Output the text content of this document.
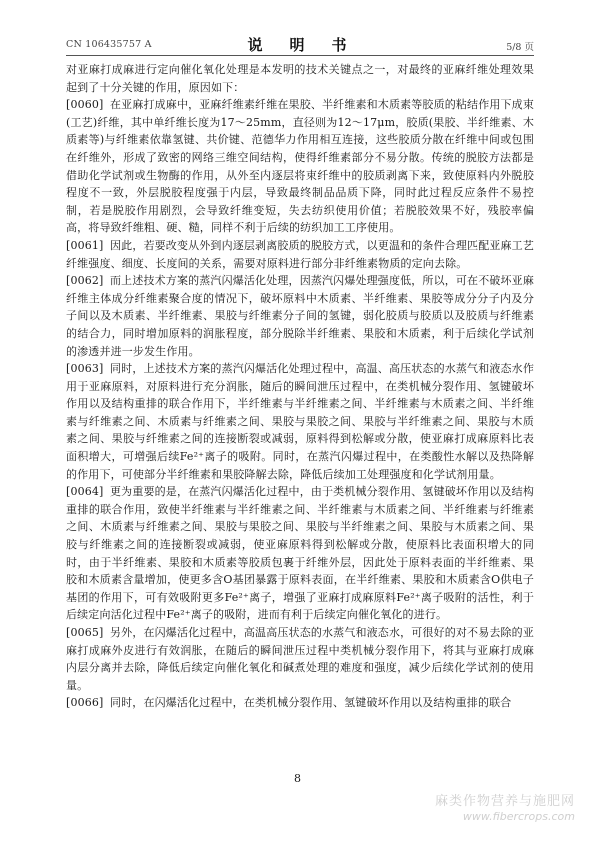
CN 106435757 A	说　明　书	5/8 页

对亚麻打成麻进行定向催化氧化处理是本发明的技术关键点之一，对最终的亚麻纤维处理效果起到了十分关键的作用，原因如下：

[0060] 在亚麻打成麻中，亚麻纤维素纤维在果胶、半纤维素和木质素等胶质的粘结作用下成束(工艺)纤维，其中单纤维长度为17～25mm，直径则为12～17μm，胶质(果胶、半纤维素、木质素等)与纤维素依靠氢键、共价键、范德华力作用相互连接，这些胶质分散在纤维中间或包围在纤维外，形成了致密的网络三维空间结构，使得纤维素部分不易分散。传统的脱胶方法都是借助化学试剂或生物酶的作用，从外至内逐层将束纤维中的胶质剥离下来，致使原料内外脱胶程度不一致，外层脱胶程度强于内层，导致最终制品品质下降，同时此过程反应条件不易控制，若是脱胶作用剧烈，会导致纤维变短，失去纺织使用价值；若脱胶效果不好，残胶率偏高，将导致纤维粗、硬、糙，同样不利于后续的纺织加工工序使用。

[0061] 因此，若要改变从外到内逐层剥离胶质的脱胶方式，以更温和的条件合理匹配亚麻工艺纤维强度、细度、长度间的关系，需要对原料进行部分非纤维素物质的定向去除。

[0062] 而上述技术方案的蒸汽闪爆活化处理，因蒸汽闪爆处理强度低，所以，可在不破坏亚麻纤维主体成分纤维素聚合度的情况下，破坏原料中木质素、半纤维素、果胶等成分分子内及分子间以及木质素、半纤维素、果胶与纤维素分子间的氢键，弱化胶质与胶质以及胶质与纤维素的结合力，同时增加原料的润胀程度，部分脱除半纤维素、果胶和木质素，利于后续化学试剂的渗透并进一步发生作用。

[0063] 同时，上述技术方案的蒸汽闪爆活化处理过程中，高温、高压状态的水蒸气和液态水作用于亚麻原料，对原料进行充分润胀，随后的瞬间泄压过程中，在类机械分裂作用、氢键破坏作用以及结构重排的联合作用下，半纤维素与半纤维素之间、半纤维素与木质素之间、半纤维素与纤维素之间、木质素与纤维素之间、果胶与果胶之间、果胶与半纤维素之间、果胶与木质素之间、果胶与纤维素之间的连接断裂或减弱，原料得到松解或分散，使亚麻打成麻原料比表面积增大，可增强后续Fe²⁺离子的吸附。同时，在蒸汽闪爆过程中，在类酸性水解以及热降解的作用下，可使部分半纤维素和果胶降解去除，降低后续加工处理强度和化学试剂用量。

[0064] 更为重要的是，在蒸汽闪爆活化过程中，由于类机械分裂作用、氢键破坏作用以及结构重排的联合作用，致使半纤维素与半纤维素之间、半纤维素与木质素之间、半纤维素与纤维素之间、木质素与纤维素之间、果胶与果胶之间、果胶与半纤维素之间、果胶与木质素之间、果胶与纤维素之间的连接断裂或减弱，使亚麻原料得到松解或分散，使原料比表面积增大的同时，由于半纤维素、果胶和木质素等胶质包裹于纤维外层，因此处于原料表面的半纤维素、果胶和木质素含量增加，使更多含O基团暴露于原料表面，在半纤维素、果胶和木质素含O供电子基团的作用下，可有效吸附更多Fe²⁺离子，增强了亚麻打成麻原料Fe²⁺离子吸附的活性，利于后续定向活化过程中Fe²⁺离子的吸附，进而有利于后续定向催化氧化的进行。

[0065] 另外，在闪爆活化过程中，高温高压状态的水蒸气和液态水，可很好的对不易去除的亚麻打成麻外皮进行有效润胀，在随后的瞬间泄压过程中类机械分裂作用下，将其与亚麻打成麻内层分离并去除，降低后续定向催化氧化和碱煮处理的难度和强度，减少后续化学试剂的使用量。

[0066] 同时，在闪爆活化过程中，在类机械分裂作用、氢键破坏作用以及结构重排的联合

8
麻类作物营养与施肥网
www.fibercrops.com
